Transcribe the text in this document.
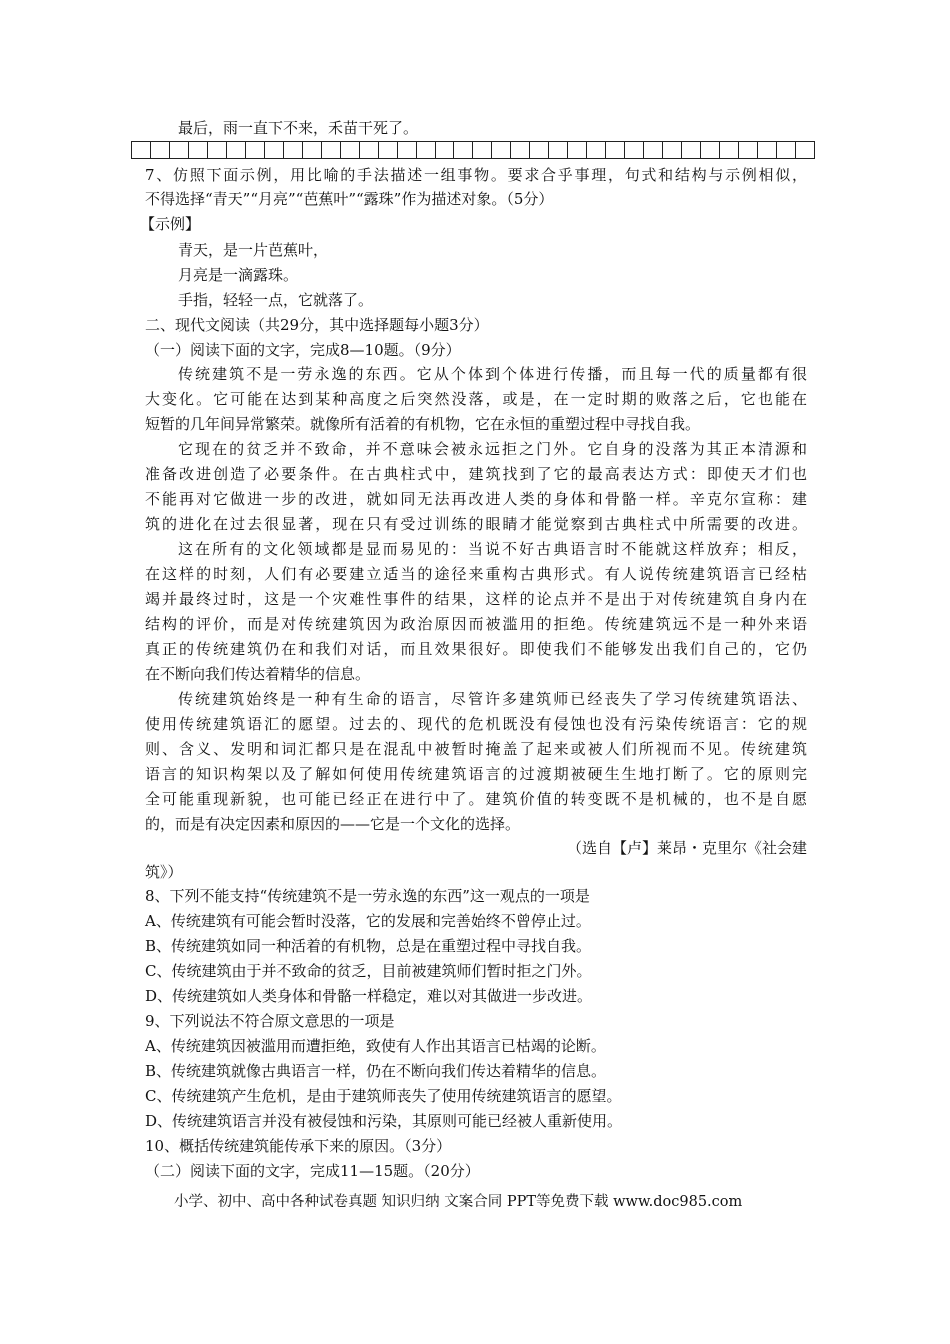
最后，雨一直下不来，禾苗干死了。
7、仿照下面示例，用比喻的手法描述一组事物。要求合乎事理，句式和结构与示例相似，
不得选择“青天”“月亮”“芭蕉叶”“露珠”作为描述对象。（5分）
【示例】
青天，是一片芭蕉叶，
月亮是一滴露珠。
手指，轻轻一点，它就落了。
二、现代文阅读（共29分，其中选择题每小题3分）
（一）阅读下面的文字，完成8—10题。（9分）
传统建筑不是一劳永逸的东西。它从个体到个体进行传播，而且每一代的质量都有很
大变化。它可能在达到某种高度之后突然没落，或是，在一定时期的败落之后，它也能在
短暂的几年间异常繁荣。就像所有活着的有机物，它在永恒的重塑过程中寻找自我。
它现在的贫乏并不致命，并不意味会被永远拒之门外。它自身的没落为其正本清源和
准备改进创造了必要条件。在古典柱式中，建筑找到了它的最高表达方式：即使天才们也
不能再对它做进一步的改进，就如同无法再改进人类的身体和骨骼一样。辛克尔宣称：建
筑的进化在过去很显著，现在只有受过训练的眼睛才能觉察到古典柱式中所需要的改进。
这在所有的文化领域都是显而易见的：当说不好古典语言时不能就这样放弃；相反，
在这样的时刻，人们有必要建立适当的途径来重构古典形式。有人说传统建筑语言已经枯
竭并最终过时，这是一个灾难性事件的结果，这样的论点并不是出于对传统建筑自身内在
结构的评价，而是对传统建筑因为政治原因而被滥用的拒绝。传统建筑远不是一种外来语
真正的传统建筑仍在和我们对话，而且效果很好。即使我们不能够发出我们自己的，它仍
在不断向我们传达着精华的信息。
传统建筑始终是一种有生命的语言，尽管许多建筑师已经丧失了学习传统建筑语法、
使用传统建筑语汇的愿望。过去的、现代的危机既没有侵蚀也没有污染传统语言：它的规
则、含义、发明和词汇都只是在混乱中被暂时掩盖了起来或被人们所视而不见。传统建筑
语言的知识构架以及了解如何使用传统建筑语言的过渡期被硬生生地打断了。它的原则完
全可能重现新貌，也可能已经正在进行中了。建筑价值的转变既不是机械的，也不是自愿
的，而是有决定因素和原因的——它是一个文化的选择。
（选自【卢】莱昂・克里尔《社会建
筑》）
8、下列不能支持“传统建筑不是一劳永逸的东西”这一观点的一项是
A、传统建筑有可能会暂时没落，它的发展和完善始终不曾停止过。
B、传统建筑如同一种活着的有机物，总是在重塑过程中寻找自我。
C、传统建筑由于并不致命的贫乏，目前被建筑师们暂时拒之门外。
D、传统建筑如人类身体和骨骼一样稳定，难以对其做进一步改进。
9、下列说法不符合原文意思的一项是
A、传统建筑因被滥用而遭拒绝，致使有人作出其语言已枯竭的论断。
B、传统建筑就像古典语言一样，仍在不断向我们传达着精华的信息。
C、传统建筑产生危机，是由于建筑师丧失了使用传统建筑语言的愿望。
D、传统建筑语言并没有被侵蚀和污染，其原则可能已经被人重新使用。
10、概括传统建筑能传承下来的原因。（3分）
（二）阅读下面的文字，完成11—15题。（20分）
小学、初中、高中各种试卷真题 知识归纳 文案合同 PPT等免费下载 www.doc985.com
